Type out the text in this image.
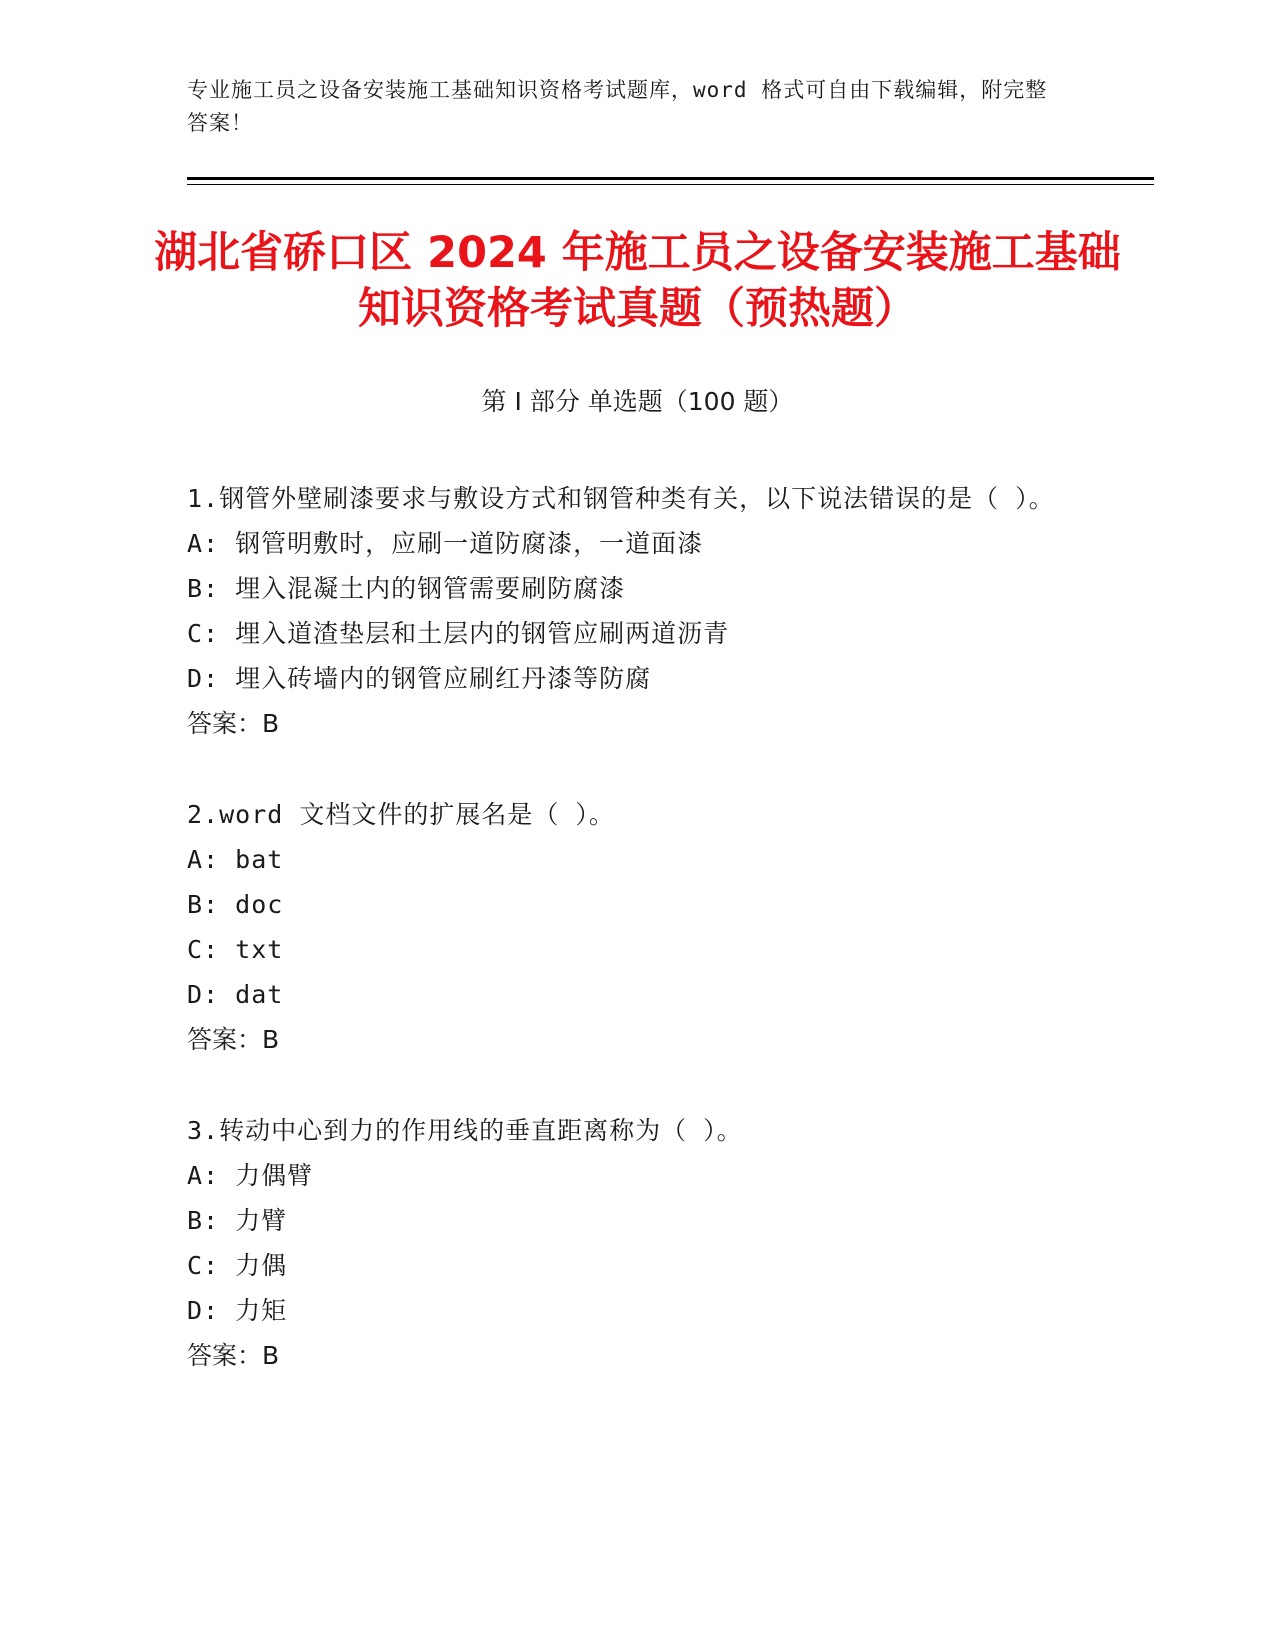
专业施工员之设备安装施工基础知识资格考试题库，word 格式可自由下载编辑，附完整答案！
湖北省硚口区 2024 年施工员之设备安装施工基础知识资格考试真题（预热题）
第 I 部分 单选题（100 题）

1.钢管外壁刷漆要求与敷设方式和钢管种类有关，以下说法错误的是（ ）。

A: 钢管明敷时，应刷一道防腐漆，一道面漆

B: 埋入混凝土内的钢管需要刷防腐漆

C: 埋入道渣垫层和土层内的钢管应刷两道沥青

D: 埋入砖墙内的钢管应刷红丹漆等防腐

答案：B

2.word 文档文件的扩展名是（ ）。

A: bat

B: doc

C: txt

D: dat

答案：B

3.转动中心到力的作用线的垂直距离称为（ ）。

A: 力偶臂

B: 力臂

C: 力偶

D: 力矩

答案：B
